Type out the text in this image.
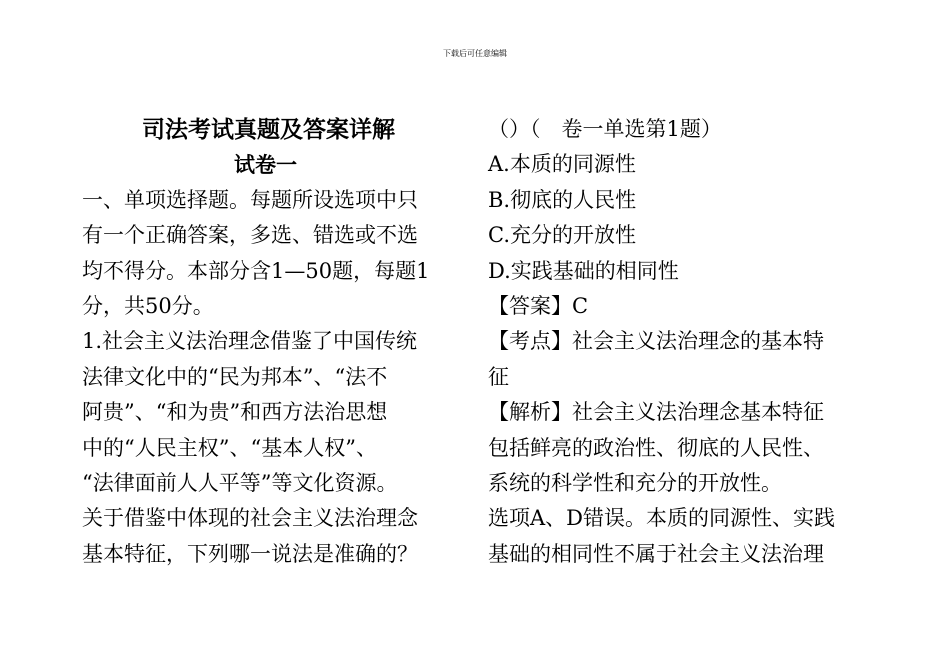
下载后可任意编辑
司法考试真题及答案详解
试卷一
一、单项选择题。每题所设选项中只
有一个正确答案，多选、错选或不选
均不得分。本部分含1—50题，每题1
分，共50分。
1.社会主义法治理念借鉴了中国传统
法律文化中的“民为邦本”、“法不
阿贵”、“和为贵”和西方法治思想
中的“人民主权”、“基本人权”、
“法律面前人人平等”等文化资源。
关于借鉴中体现的社会主义法治理念
基本特征，下列哪一说法是准确的？
（）（　卷一单选第1题）
A.本质的同源性
B.彻底的人民性
C.充分的开放性
D.实践基础的相同性
【答案】C
【考点】社会主义法治理念的基本特
征
【解析】社会主义法治理念基本特征
包括鲜亮的政治性、彻底的人民性、
系统的科学性和充分的开放性。
选项A、D错误。本质的同源性、实践
基础的相同性不属于社会主义法治理
